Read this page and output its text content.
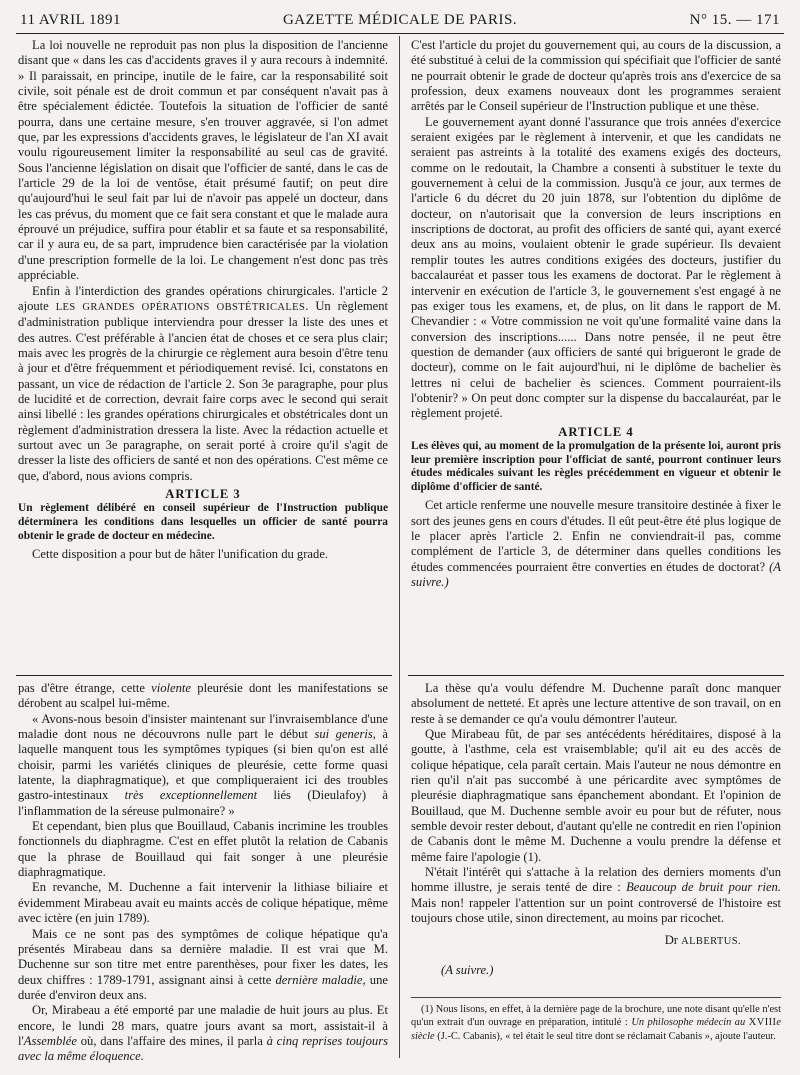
11 AVRIL 1891	GAZETTE MÉDICALE DE PARIS.	N° 15. — 171

La loi nouvelle ne reproduit pas non plus la disposition de l'ancienne disant que « dans les cas d'accidents graves il y aura recours à indemnité. » Il paraissait, en principe, inutile de le faire, car la responsabilité soit civile, soit pénale est de droit commun et par conséquent n'avait pas à être spécialement édictée. Toutefois la situation de l'officier de santé pourra, dans une certaine mesure, s'en trouver aggravée, si l'on admet que, par les expressions d'accidents graves, le législateur de l'an XI avait voulu rigoureusement limiter la responsabilité au seul cas de gravité. Sous l'ancienne législation on disait que l'officier de santé, dans le cas de l'article 29 de la loi de ventôse, était présumé fautif; on peut dire qu'aujourd'hui le seul fait par lui de n'avoir pas appelé un docteur, dans les cas prévus, du moment que ce fait sera constant et que le malade aura éprouvé un préjudice, suffira pour établir et sa faute et sa responsabilité, car il y aura eu, de sa part, imprudence bien caractérisée par la violation d'une prescription formelle de la loi. Le changement n'est donc pas très appréciable.

Enfin à l'interdiction des grandes opérations chirurgicales. l'article 2 ajoute LES GRANDES OPÉRATIONS OBSTÉTRICALES. Un règlement d'administration publique interviendra pour dresser la liste des unes et des autres. C'est préférable à l'ancien état de choses et ce sera plus clair; mais avec les progrès de la chirurgie ce règlement aura besoin d'être tenu à jour et d'être fréquemment et périodiquement revisé. Ici, constatons en passant, un vice de rédaction de l'article 2. Son 3e paragraphe, pour plus de lucidité et de correction, devrait faire corps avec le second qui serait ainsi libellé : les grandes opérations chirurgicales et obstétricales dont un règlement d'administration dressera la liste. Avec la rédaction actuelle et surtout avec un 3e paragraphe, on serait porté à croire qu'il s'agit de dresser la liste des officiers de santé et non des opérations. C'est même ce que, d'abord, nous avions compris.

ARTICLE 3

Un règlement délibéré en conseil supérieur de l'Instruction publique déterminera les conditions dans lesquelles un officier de santé pourra obtenir le grade de docteur en médecine.

Cette disposition a pour but de hâter l'unification du grade.

C'est l'article du projet du gouvernement qui, au cours de la discussion, a été substitué à celui de la commission qui spécifiait que l'officier de santé ne pourrait obtenir le grade de docteur qu'après trois ans d'exercice de sa profession, deux examens nouveaux dont les programmes seraient arrêtés par le Conseil supérieur de l'Instruction publique et une thèse.

Le gouvernement ayant donné l'assurance que trois années d'exercice seraient exigées par le règlement à intervenir, et que les candidats ne seraient pas astreints à la totalité des examens exigés des docteurs, comme on le redoutait, la Chambre a consenti à substituer le texte du gouvernement à celui de la commission. Jusqu'à ce jour, aux termes de l'article 6 du décret du 20 juin 1878, sur l'obtention du diplôme de docteur, on n'autorisait que la conversion de leurs inscriptions en inscriptions de doctorat, au profit des officiers de santé qui, ayant exercé deux ans au moins, voulaient obtenir le grade supérieur. Ils devaient remplir toutes les autres conditions exigées des docteurs, justifier du baccalauréat et passer tous les examens de doctorat. Par le règlement à intervenir en exécution de l'article 3, le gouvernement s'est engagé à ne pas exiger tous les examens, et, de plus, on lit dans le rapport de M. Chevandier : « Votre commission ne voit qu'une formalité vaine dans la conversion des inscriptions...... Dans notre pensée, il ne peut être question de demander (aux officiers de santé qui brigueront le grade de docteur), comme on le fait aujourd'hui, ni le diplôme de bachelier ès lettres ni celui de bachelier ès sciences. Comment pourraient-ils l'obtenir? » On peut donc compter sur la dispense du baccalauréat, par le règlement projeté.

ARTICLE 4

Les élèves qui, au moment de la promulgation de la présente loi, auront pris leur première inscription pour l'officiat de santé, pourront continuer leurs études médicales suivant les règles précédemment en vigueur et obtenir le diplôme d'officier de santé.

Cet article renferme une nouvelle mesure transitoire destinée à fixer le sort des jeunes gens en cours d'études. Il eût peut-être été plus logique de le placer après l'article 2. Enfin ne conviendrait-il pas, comme complément de l'article 3, de déterminer dans quelles conditions les études commencées pourraient être converties en études de doctorat? (A suivre.)

pas d'être étrange, cette violente pleurésie dont les manifestations se dérobent au scalpel lui-même.

« Avons-nous besoin d'insister maintenant sur l'invraisemblance d'une maladie dont nous ne découvrons nulle part le début sui generis, à laquelle manquent tous les symptômes typiques (si bien qu'on est allé choisir, parmi les variétés cliniques de pleurésie, cette forme quasi latente, la diaphragmatique), et que compliqueraient ici des troubles gastro-intestinaux très exceptionnellement liés (Dieulafoy) à l'inflammation de la séreuse pulmonaire? »

Et cependant, bien plus que Bouillaud, Cabanis incrimine les troubles fonctionnels du diaphragme. C'est en effet plutôt la relation de Cabanis que la phrase de Bouillaud qui fait songer à une pleurésie diaphragmatique.

En revanche, M. Duchenne a fait intervenir la lithiase biliaire et évidemment Mirabeau avait eu maints accès de colique hépatique, même avec ictère (en juin 1789).

Mais ce ne sont pas des symptômes de colique hépatique qu'a présentés Mirabeau dans sa dernière maladie. Il est vrai que M. Duchenne sur son titre met entre parenthèses, pour fixer les dates, les deux chiffres : 1789-1791, assignant ainsi à cette dernière maladie, une durée d'environ deux ans.

Or, Mirabeau a été emporté par une maladie de huit jours au plus. Et encore, le lundi 28 mars, quatre jours avant sa mort, assistait-il à l'Assemblée où, dans l'affaire des mines, il parla à cinq reprises toujours avec la même éloquence.

La thèse qu'a voulu défendre M. Duchenne paraît donc manquer absolument de netteté. Et après une lecture attentive de son travail, on en reste à se demander ce qu'a voulu démontrer l'auteur.

Que Mirabeau fût, de par ses antécédents héréditaires, disposé à la goutte, à l'asthme, cela est vraisemblable; qu'il ait eu des accès de colique hépatique, cela paraît certain. Mais l'auteur ne nous démontre en rien qu'il n'ait pas succombé à une péricardite avec symptômes de pleurésie diaphragmatique sans épanchement abondant. Et l'opinion de Bouillaud, que M. Duchenne semble avoir eu pour but de réfuter, nous semble devoir rester debout, d'autant qu'elle ne contredit en rien l'opinion de Cabanis dont le même M. Duchenne a voulu prendre la défense et même faire l'apologie (1).

N'était l'intérêt qui s'attache à la relation des derniers moments d'un homme illustre, je serais tenté de dire : Beaucoup de bruit pour rien. Mais non! rappeler l'attention sur un point controversé de l'histoire est toujours chose utile, sinon directement, au moins par ricochet.

Dr ALBERTUS.

(A suivre.)

(1) Nous lisons, en effet, à la dernière page de la brochure, une note disant qu'elle n'est qu'un extrait d'un ouvrage en préparation, intitulé : Un philosophe médecin au XVIIIe siècle (J.-C. Cabanis), « tel était le seul titre dont se réclamait Cabanis », ajoute l'auteur.
